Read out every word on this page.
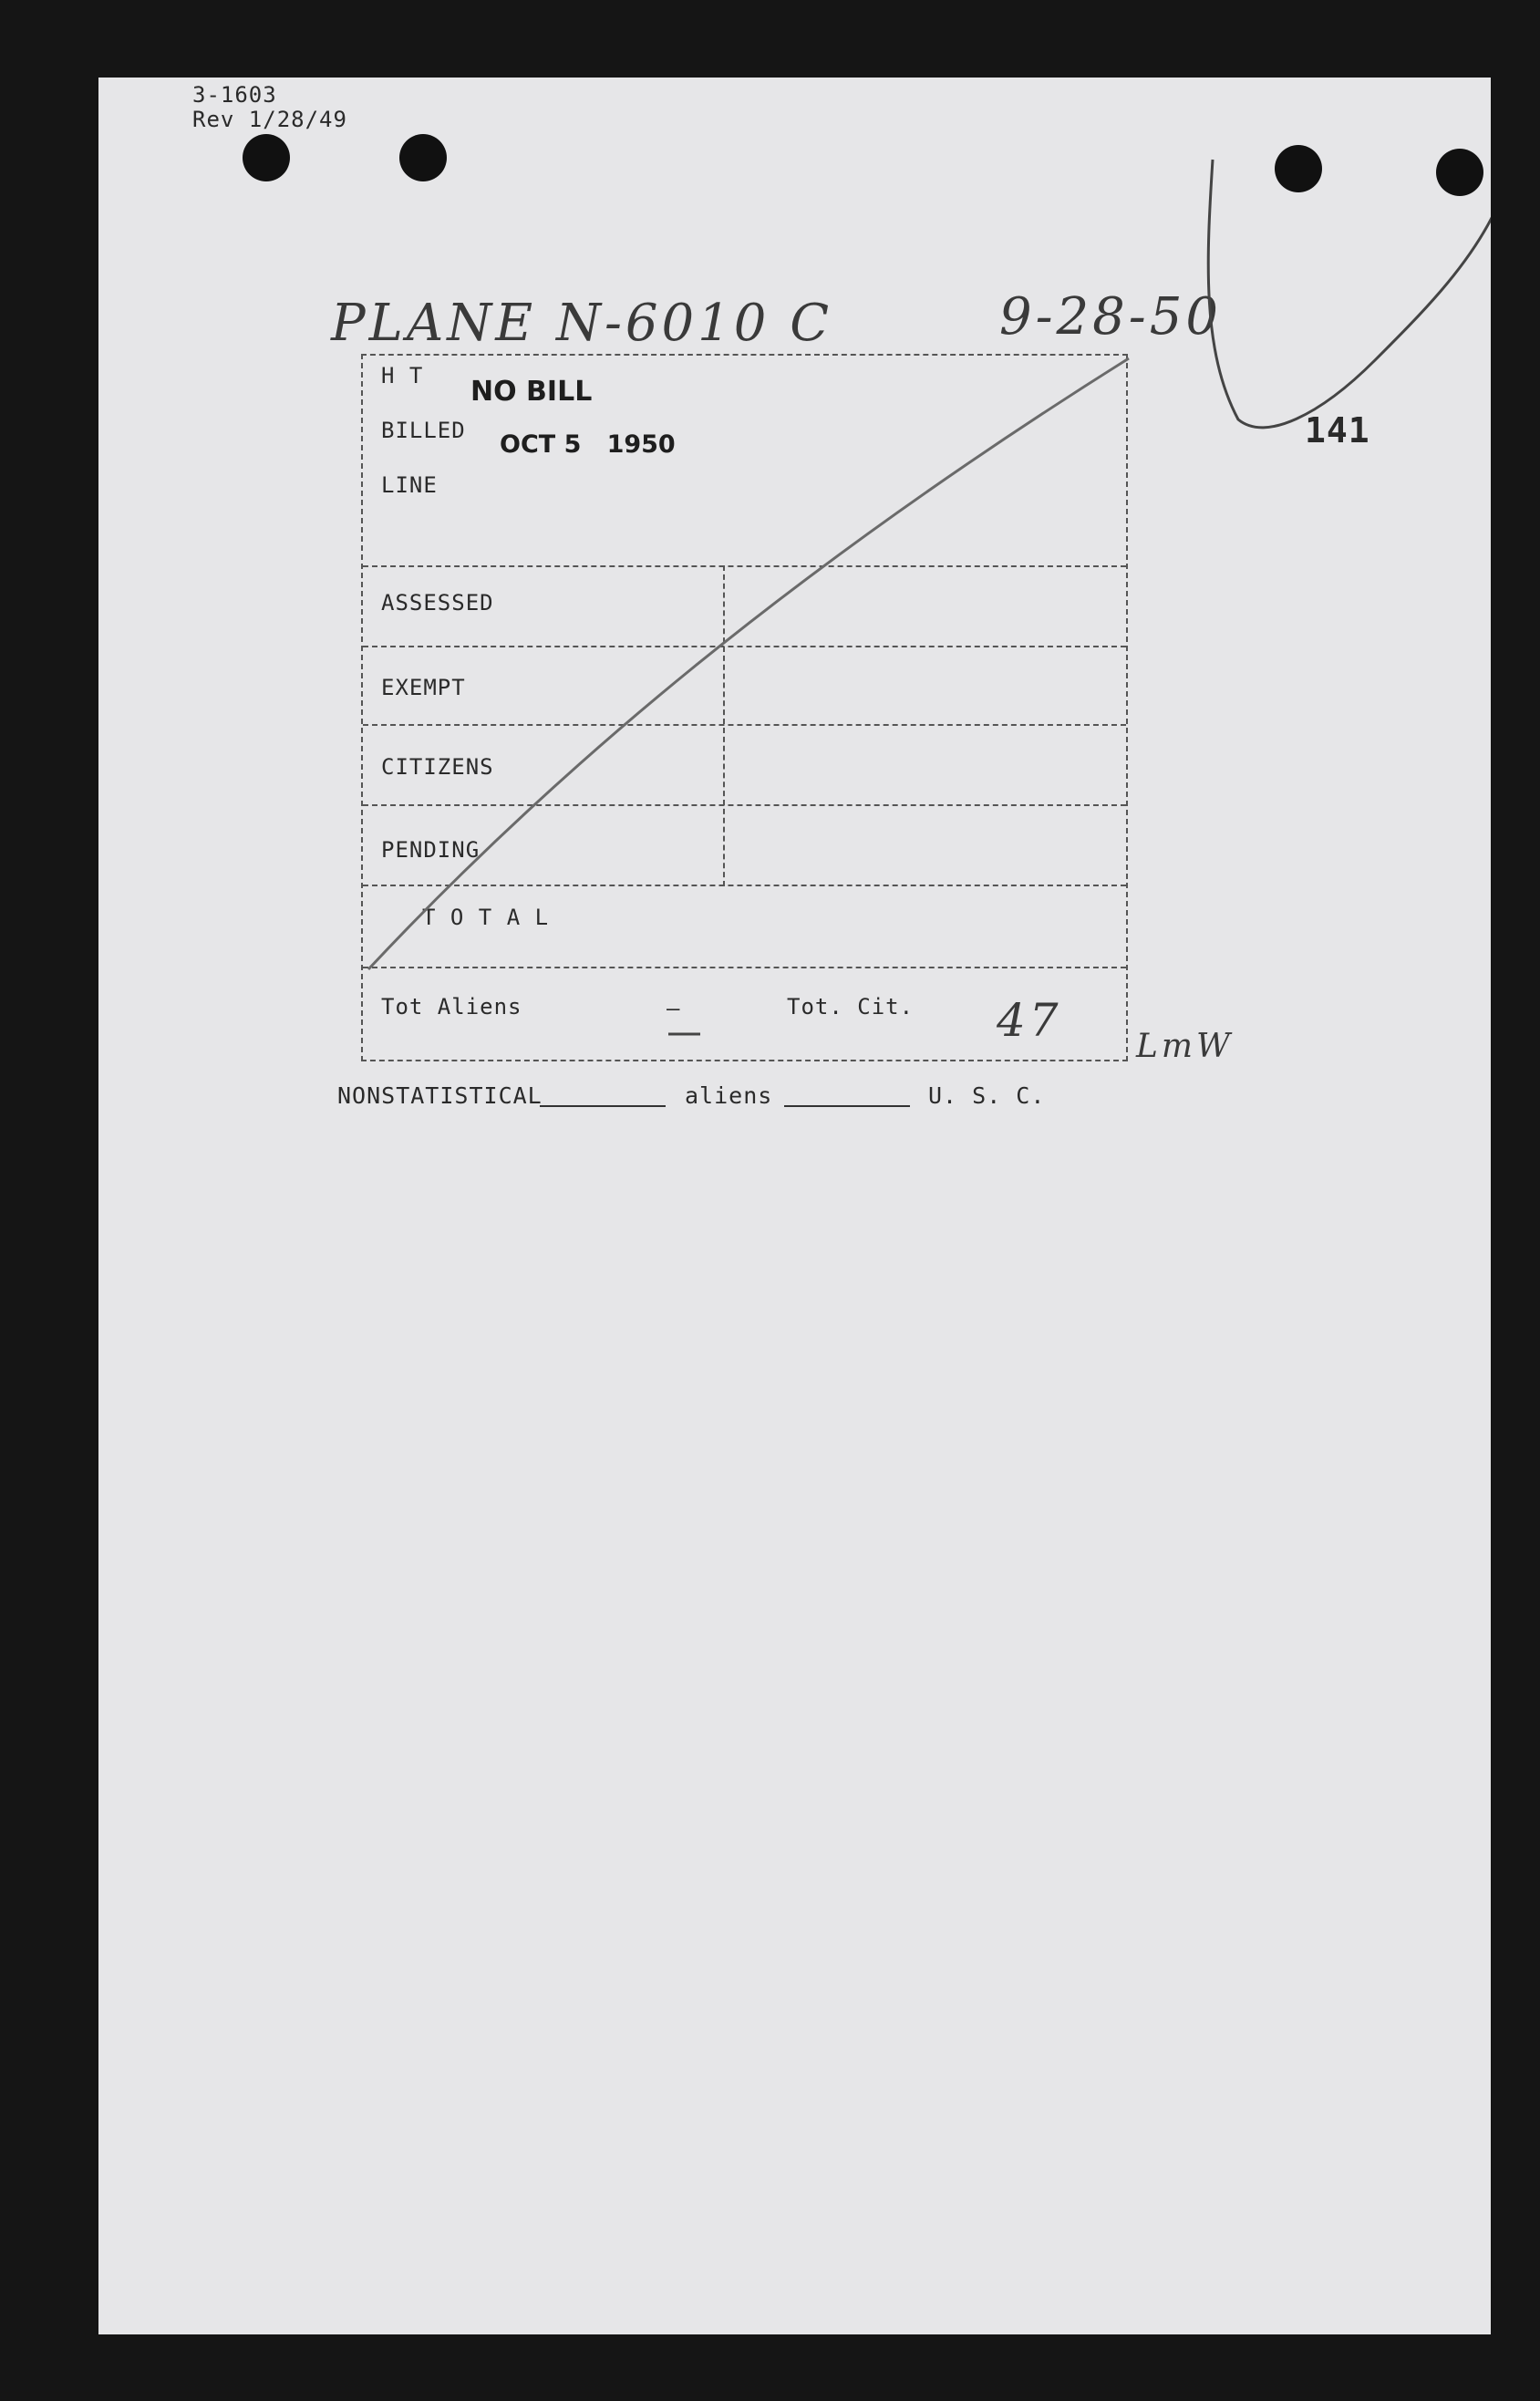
3-1603
Rev 1/28/49
PLANE N-6010 C	9-28-50
141
H T
BILLED
LINE
NO BILL
OCT 5   1950
ASSESSED
EXEMPT
CITIZENS
PENDING
T O T A L
Tot Aliens	—	Tot. Cit. 47 LmW
NONSTATISTICAL	aliens	U. S. C.
